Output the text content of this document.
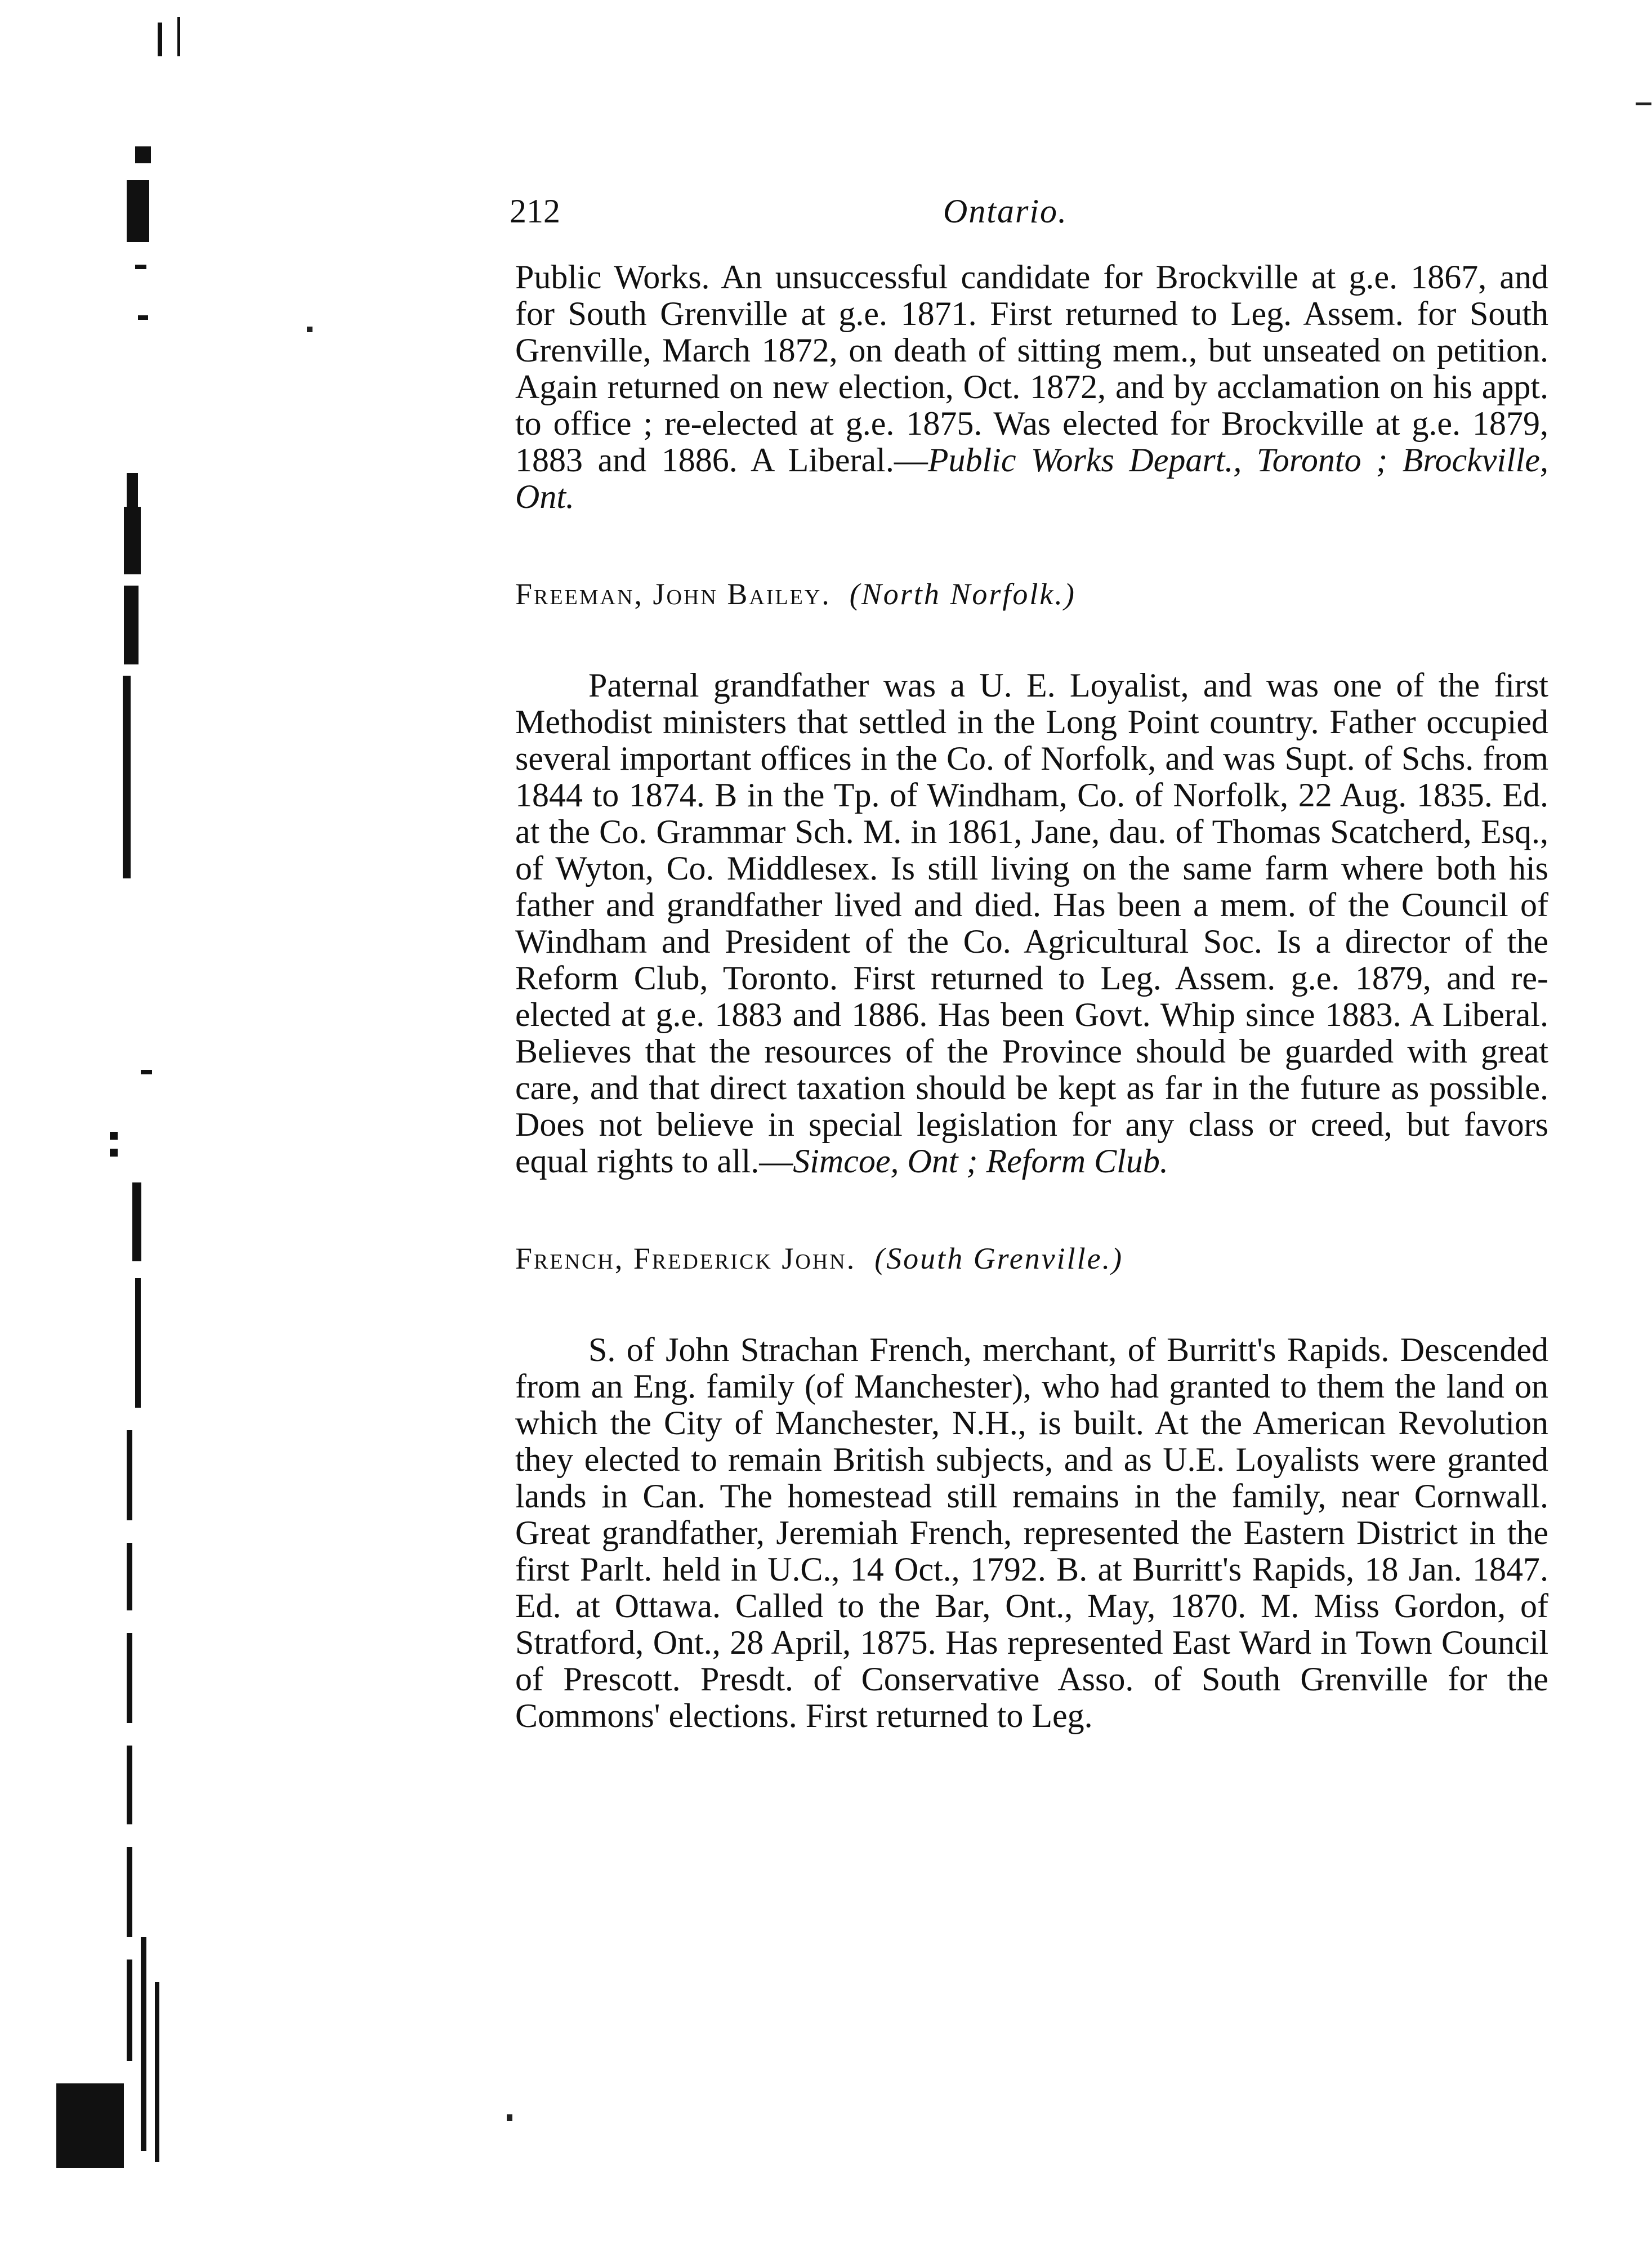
212	Ontario.

Public Works. An unsuccessful candidate for Brockville at g.e. 1867, and for South Grenville at g.e. 1871. First returned to Leg. Assem. for South Grenville, March 1872, on death of sitting mem., but unseated on petition. Again returned on new election, Oct. 1872, and by acclamation on his appt. to office ; re-elected at g.e. 1875. Was elected for Brockville at g.e. 1879, 1883 and 1886. A Liberal.—Public Works Depart., Toronto ; Brockville, Ont.

Freeman, John Bailey. (North Norfolk.)

Paternal grandfather was a U. E. Loyalist, and was one of the first Methodist ministers that settled in the Long Point country. Father occupied several important offices in the Co. of Norfolk, and was Supt. of Schs. from 1844 to 1874. B in the Tp. of Windham, Co. of Norfolk, 22 Aug. 1835. Ed. at the Co. Grammar Sch. M. in 1861, Jane, dau. of Thomas Scatcherd, Esq., of Wyton, Co. Middlesex. Is still living on the same farm where both his father and grandfather lived and died. Has been a mem. of the Council of Windham and President of the Co. Agricultural Soc. Is a director of the Reform Club, Toronto. First returned to Leg. Assem. g.e. 1879, and re-elected at g.e. 1883 and 1886. Has been Govt. Whip since 1883. A Liberal. Believes that the resources of the Province should be guarded with great care, and that direct taxation should be kept as far in the future as possible. Does not believe in special legislation for any class or creed, but favors equal rights to all.—Simcoe, Ont ; Reform Club.

French, Frederick John. (South Grenville.)

S. of John Strachan French, merchant, of Burritt's Rapids. Descended from an Eng. family (of Manchester), who had granted to them the land on which the City of Manchester, N.H., is built. At the American Revolution they elected to remain British subjects, and as U.E. Loyalists were granted lands in Can. The homestead still remains in the family, near Cornwall. Great grandfather, Jeremiah French, represented the Eastern District in the first Parlt. held in U.C., 14 Oct., 1792. B. at Burritt's Rapids, 18 Jan. 1847. Ed. at Ottawa. Called to the Bar, Ont., May, 1870. M. Miss Gordon, of Stratford, Ont., 28 April, 1875. Has represented East Ward in Town Council of Prescott. Presdt. of Conservative Asso. of South Grenville for the Commons' elections. First returned to Leg.
